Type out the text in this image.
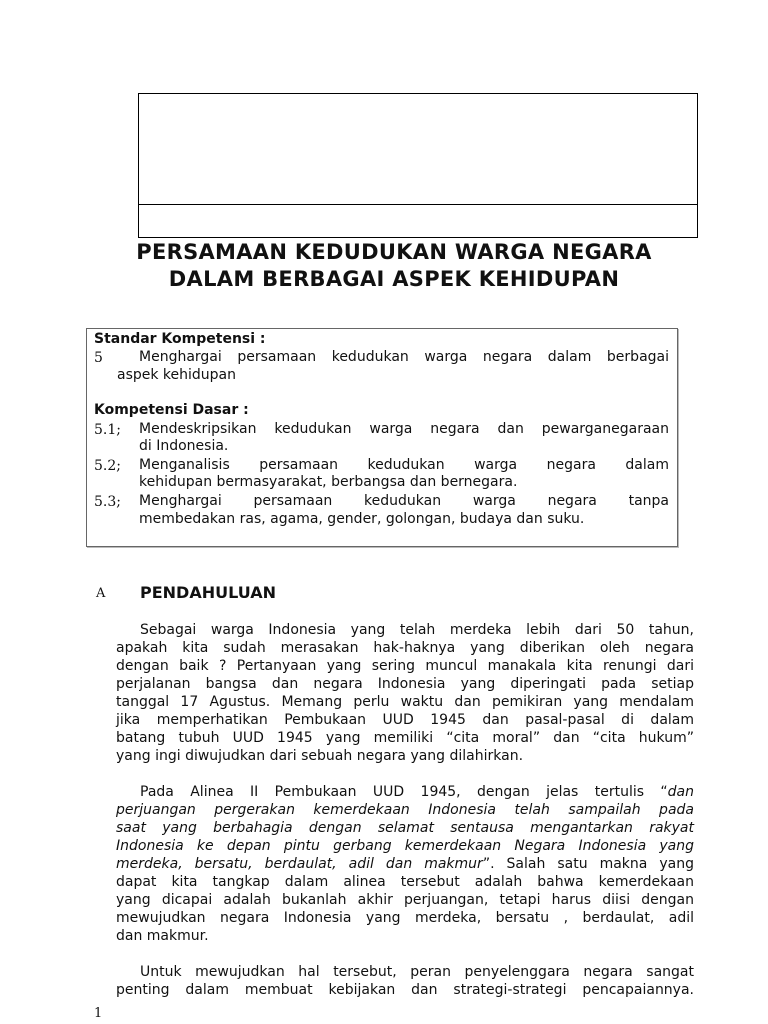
PERSAMAAN KEDUDUKAN WARGA NEGARA
DALAM BERBAGAI ASPEK KEHIDUPAN
Standar Kompetensi :
5	Menghargai persamaan kedudukan warga negara dalam berbagai
aspek kehidupan
Kompetensi Dasar :
5.1; Mendeskripsikan kedudukan warga negara dan pewarganegaraan
di Indonesia.
5.2; Menganalisis persamaan kedudukan warga negara dalam
kehidupan bermasyarakat, berbangsa dan bernegara.
5.3; Menghargai persamaan kedudukan warga negara tanpa
membedakan ras, agama, gender, golongan, budaya dan suku.
A PENDAHULUAN
Sebagai warga Indonesia yang telah merdeka lebih dari 50 tahun,
apakah kita sudah merasakan hak-haknya yang diberikan oleh negara
dengan baik ? Pertanyaan yang sering muncul manakala kita renungi dari
perjalanan bangsa dan negara Indonesia yang diperingati pada setiap
tanggal 17 Agustus. Memang perlu waktu dan pemikiran yang mendalam
jika memperhatikan Pembukaan UUD 1945 dan pasal-pasal di dalam
batang tubuh UUD 1945 yang memiliki “cita moral” dan “cita hukum”
yang ingi diwujudkan dari sebuah negara yang dilahirkan.
Pada Alinea II Pembukaan UUD 1945, dengan jelas tertulis “dan
perjuangan pergerakan kemerdekaan Indonesia telah sampailah pada
saat yang berbahagia dengan selamat sentausa mengantarkan rakyat
Indonesia ke depan pintu gerbang kemerdekaan Negara Indonesia yang
merdeka, bersatu, berdaulat, adil dan makmur”. Salah satu makna yang
dapat kita tangkap dalam alinea tersebut adalah bahwa kemerdekaan
yang dicapai adalah bukanlah akhir perjuangan, tetapi harus diisi dengan
mewujudkan negara Indonesia yang merdeka, bersatu , berdaulat, adil
dan makmur.
Untuk mewujudkan hal tersebut, peran penyelenggara negara sangat
penting dalam membuat kebijakan dan strategi-strategi pencapaiannya.
1
